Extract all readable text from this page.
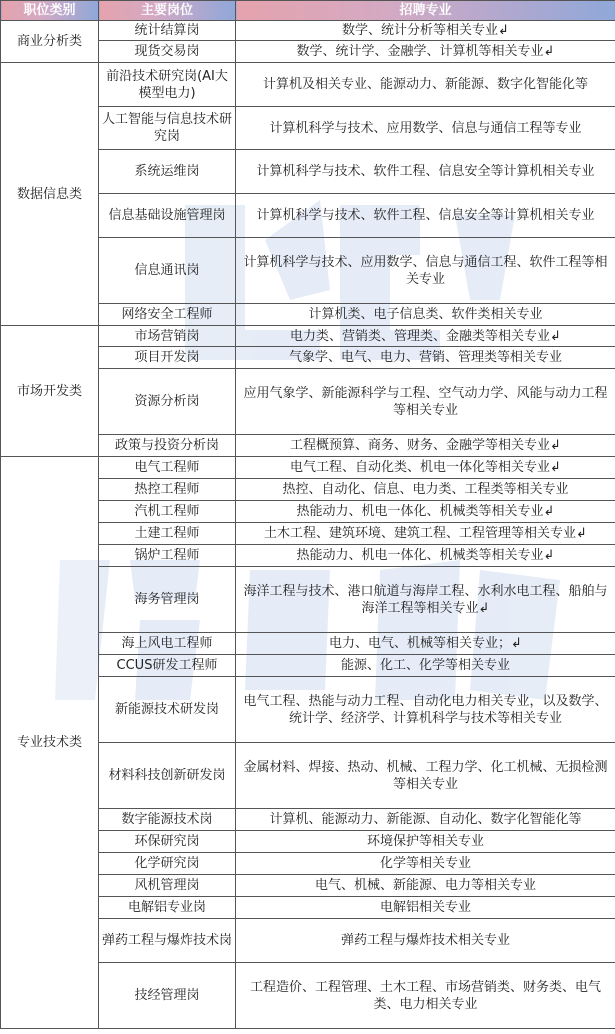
职位类别	主要岗位	招聘专业
商业分析类	统计结算岗	数学、统计分析等相关专业↲
	现货交易岗	数学、统计学、金融学、计算机等相关专业↲
数据信息类	前沿技术研究岗(AI大模型电力)	计算机及相关专业、能源动力、新能源、数字化智能化等
	人工智能与信息技术研究岗	计算机科学与技术、应用数学、信息与通信工程等专业
	系统运维岗	计算机科学与技术、软件工程、信息安全等计算机相关专业
	信息基础设施管理岗	计算机科学与技术、软件工程、信息安全等计算机相关专业
	信息通讯岗	计算机科学与技术、应用数学、信息与通信工程、软件工程等相关专业
	网络安全工程师	计算机类、电子信息类、软件类相关专业
市场开发类	市场营销岗	电力类、营销类、管理类、金融类等相关专业↲
	项目开发岗	气象学、电气、电力、营销、管理类等相关专业
	资源分析岗	应用气象学、新能源科学与工程、空气动力学、风能与动力工程等相关专业
	政策与投资分析岗	工程概预算、商务、财务、金融学等相关专业↲
专业技术类	电气工程师	电气工程、自动化类、机电一体化等相关专业↲
	热控工程师	热控、自动化、信息、电力类、工程类等相关专业
	汽机工程师	热能动力、机电一体化、机械类等相关专业↲
	土建工程师	土木工程、建筑环境、建筑工程、工程管理等相关专业↲
	锅炉工程师	热能动力、机电一体化、机械类等相关专业↲
	海务管理岗	海洋工程与技术、港口航道与海岸工程、水利水电工程、船舶与海洋工程等相关专业↲
	海上风电工程师	电力、电气、机械等相关专业；↲
	CCUS研发工程师	能源、化工、化学等相关专业
	新能源技术研发岗	电气工程、热能与动力工程、自动化电力相关专业，以及数学、统计学、经济学、计算机科学与技术等相关专业
	材料科技创新研发岗	金属材料、焊接、热动、机械、工程力学、化工机械、无损检测等相关专业
	数字能源技术岗	计算机、能源动力、新能源、自动化、数字化智能化等
	环保研究岗	环境保护等相关专业
	化学研究岗	化学等相关专业
	风机管理岗	电气、机械、新能源、电力等相关专业
	电解铝专业岗	电解铝相关专业
	弹药工程与爆炸技术岗	弹药工程与爆炸技术相关专业
	技经管理岗	工程造价、工程管理、土木工程、市场营销类、财务类、电气类、电力相关专业
